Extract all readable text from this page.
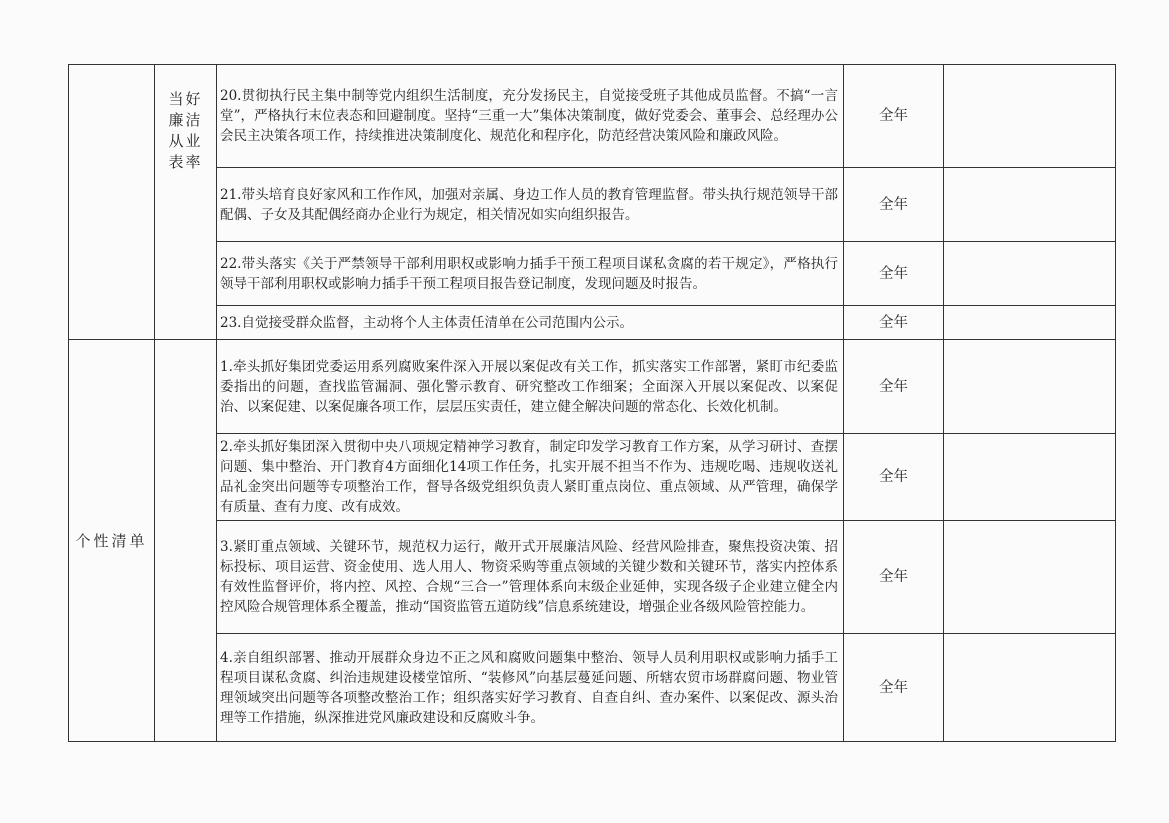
	当好廉洁从业表率	20.贯彻执行民主集中制等党内组织生活制度，充分发扬民主，自觉接受班子其他成员监督。不搞“一言堂”，严格执行末位表态和回避制度。坚持“三重一大”集体决策制度，做好党委会、董事会、总经理办公会民主决策各项工作，持续推进决策制度化、规范化和程序化，防范经营决策风险和廉政风险。	全年	
		21.带头培育良好家风和工作作风，加强对亲属、身边工作人员的教育管理监督。带头执行规范领导干部配偶、子女及其配偶经商办企业行为规定，相关情况如实向组织报告。	全年	
		22.带头落实《关于严禁领导干部利用职权或影响力插手干预工程项目谋私贪腐的若干规定》，严格执行领导干部利用职权或影响力插手干预工程项目报告登记制度，发现问题及时报告。	全年	
		23.自觉接受群众监督，主动将个人主体责任清单在公司范围内公示。	全年	
个性清单		1.牵头抓好集团党委运用系列腐败案件深入开展以案促改有关工作，抓实落实工作部署，紧盯市纪委监委指出的问题，查找监管漏洞、强化警示教育、研究整改工作细案；全面深入开展以案促改、以案促治、以案促建、以案促廉各项工作，层层压实责任，建立健全解决问题的常态化、长效化机制。	全年	
		2.牵头抓好集团深入贯彻中央八项规定精神学习教育，制定印发学习教育工作方案，从学习研讨、查摆问题、集中整治、开门教育4方面细化14项工作任务，扎实开展不担当不作为、违规吃喝、违规收送礼品礼金突出问题等专项整治工作，督导各级党组织负责人紧盯重点岗位、重点领域、从严管理，确保学有质量、查有力度、改有成效。	全年	
		3.紧盯重点领域、关键环节，规范权力运行，敞开式开展廉洁风险、经营风险排查，聚焦投资决策、招标投标、项目运营、资金使用、选人用人、物资采购等重点领域的关键少数和关键环节，落实内控体系有效性监督评价，将内控、风控、合规“三合一”管理体系向末级企业延伸，实现各级子企业建立健全内控风险合规管理体系全覆盖，推动“国资监管五道防线”信息系统建设，增强企业各级风险管控能力。	全年	
		4.亲自组织部署、推动开展群众身边不正之风和腐败问题集中整治、领导人员利用职权或影响力插手工程项目谋私贪腐、纠治违规建设楼堂馆所、“装修风”向基层蔓延问题、所辖农贸市场群腐问题、物业管理领域突出问题等各项整改整治工作；组织落实好学习教育、自查自纠、查办案件、以案促改、源头治理等工作措施，纵深推进党风廉政建设和反腐败斗争。	全年	
